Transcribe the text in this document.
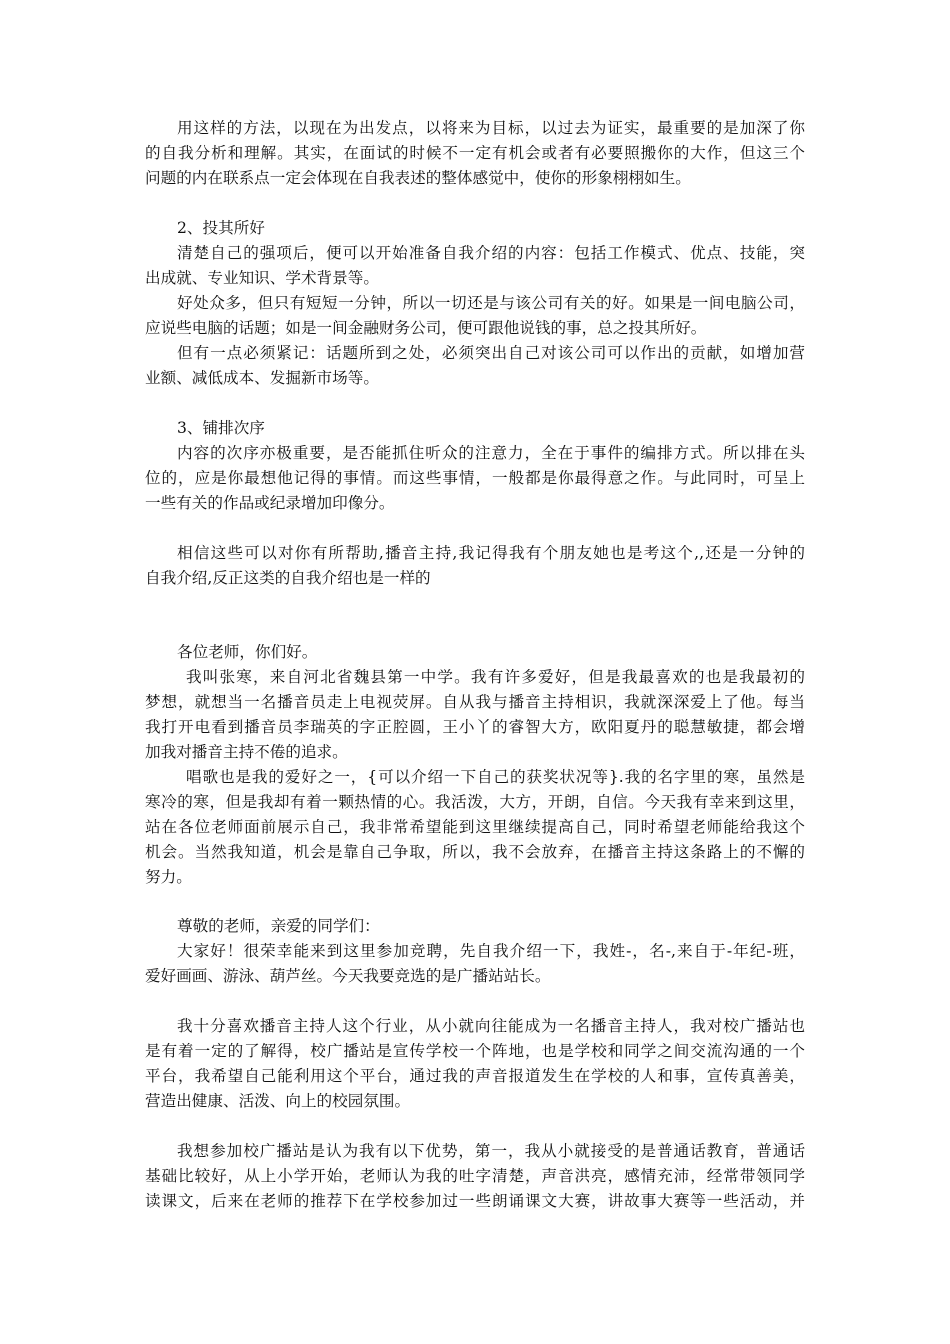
用这样的方法，以现在为出发点，以将来为目标，以过去为证实，最重要的是加深了你
的自我分析和理解。其实，在面试的时候不一定有机会或者有必要照搬你的大作，但这三个
问题的内在联系点一定会体现在自我表述的整体感觉中，使你的形象栩栩如生。
2、投其所好
清楚自己的强项后，便可以开始准备自我介绍的内容：包括工作模式、优点、技能，突
出成就、专业知识、学术背景等。
好处众多，但只有短短一分钟，所以一切还是与该公司有关的好。如果是一间电脑公司，
应说些电脑的话题；如是一间金融财务公司，便可跟他说钱的事，总之投其所好。
但有一点必须紧记：话题所到之处，必须突出自己对该公司可以作出的贡献，如增加营
业额、减低成本、发掘新市场等。
3、铺排次序
内容的次序亦极重要，是否能抓住听众的注意力，全在于事件的编排方式。所以排在头
位的，应是你最想他记得的事情。而这些事情，一般都是你最得意之作。与此同时，可呈上
一些有关的作品或纪录增加印像分。
相信这些可以对你有所帮助,播音主持,我记得我有个朋友她也是考这个,,还是一分钟的
自我介绍,反正这类的自我介绍也是一样的
各位老师，你们好。
我叫张寒，来自河北省魏县第一中学。我有许多爱好，但是我最喜欢的也是我最初的
梦想，就想当一名播音员走上电视荧屏。自从我与播音主持相识，我就深深爱上了他。每当
我打开电看到播音员李瑞英的字正腔圆，王小丫的睿智大方，欧阳夏丹的聪慧敏捷，都会增
加我对播音主持不倦的追求。
唱歌也是我的爱好之一，{可以介绍一下自己的获奖状况等}.我的名字里的寒，虽然是
寒冷的寒，但是我却有着一颗热情的心。我活泼，大方，开朗，自信。今天我有幸来到这里，
站在各位老师面前展示自己，我非常希望能到这里继续提高自己，同时希望老师能给我这个
机会。当然我知道，机会是靠自己争取，所以，我不会放弃，在播音主持这条路上的不懈的
努力。
尊敬的老师，亲爱的同学们：
大家好！很荣幸能来到这里参加竞聘，先自我介绍一下，我姓-，名-,来自于-年纪-班，
爱好画画、游泳、葫芦丝。今天我要竞选的是广播站站长。
我十分喜欢播音主持人这个行业，从小就向往能成为一名播音主持人，我对校广播站也
是有着一定的了解得，校广播站是宣传学校一个阵地，也是学校和同学之间交流沟通的一个
平台，我希望自己能利用这个平台，通过我的声音报道发生在学校的人和事，宣传真善美，
营造出健康、活泼、向上的校园氛围。
我想参加校广播站是认为我有以下优势，第一，我从小就接受的是普通话教育，普通话
基础比较好，从上小学开始，老师认为我的吐字清楚，声音洪亮，感情充沛，经常带领同学
读课文，后来在老师的推荐下在学校参加过一些朗诵课文大赛，讲故事大赛等一些活动，并
